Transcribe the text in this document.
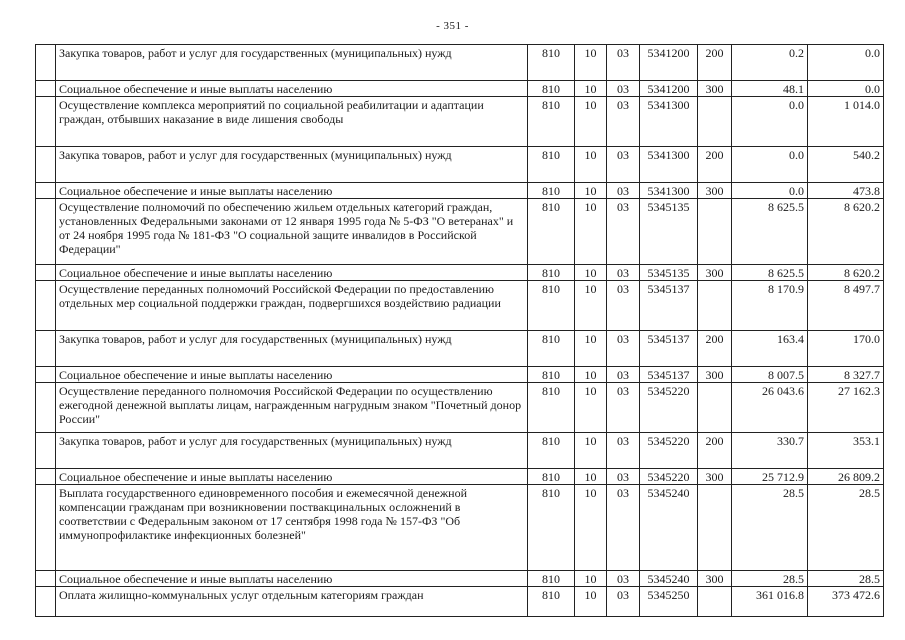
- 351 -
	Закупка товаров, работ и услуг для государственных (муниципальных) нужд	810	10	03	5341200	200	0.2	0.0
	Социальное обеспечение и иные выплаты населению	810	10	03	5341200	300	48.1	0.0
	Осуществление комплекса мероприятий по социальной реабилитации и адаптации граждан, отбывших наказание в виде лишения свободы	810	10	03	5341300		0.0	1 014.0
	Закупка товаров, работ и услуг для государственных (муниципальных) нужд	810	10	03	5341300	200	0.0	540.2
	Социальное обеспечение и иные выплаты населению	810	10	03	5341300	300	0.0	473.8
	Осуществление полномочий по обеспечению жильем отдельных категорий граждан, установленных Федеральными законами от 12 января 1995 года № 5-ФЗ "О ветеранах" и от 24 ноября 1995 года № 181-ФЗ "О социальной защите инвалидов в Российской Федерации"	810	10	03	5345135		8 625.5	8 620.2
	Социальное обеспечение и иные выплаты населению	810	10	03	5345135	300	8 625.5	8 620.2
	Осуществление переданных полномочий Российской Федерации по предоставлению отдельных мер социальной поддержки граждан, подвергшихся воздействию радиации	810	10	03	5345137		8 170.9	8 497.7
	Закупка товаров, работ и услуг для государственных (муниципальных) нужд	810	10	03	5345137	200	163.4	170.0
	Социальное обеспечение и иные выплаты населению	810	10	03	5345137	300	8 007.5	8 327.7
	Осуществление переданного полномочия Российской Федерации по осуществлению ежегодной денежной выплаты лицам, награжденным нагрудным знаком "Почетный донор России"	810	10	03	5345220		26 043.6	27 162.3
	Закупка товаров, работ и услуг для государственных (муниципальных) нужд	810	10	03	5345220	200	330.7	353.1
	Социальное обеспечение и иные выплаты населению	810	10	03	5345220	300	25 712.9	26 809.2
	Выплата государственного единовременного пособия и ежемесячной денежной компенсации гражданам при возникновении поствакцинальных осложнений в соответствии с Федеральным законом от 17 сентября 1998 года № 157-ФЗ "Об иммунопрофилактике инфекционных болезней"	810	10	03	5345240		28.5	28.5
	Социальное обеспечение и иные выплаты населению	810	10	03	5345240	300	28.5	28.5
	Оплата жилищно-коммунальных услуг отдельным категориям граждан	810	10	03	5345250		361 016.8	373 472.6
